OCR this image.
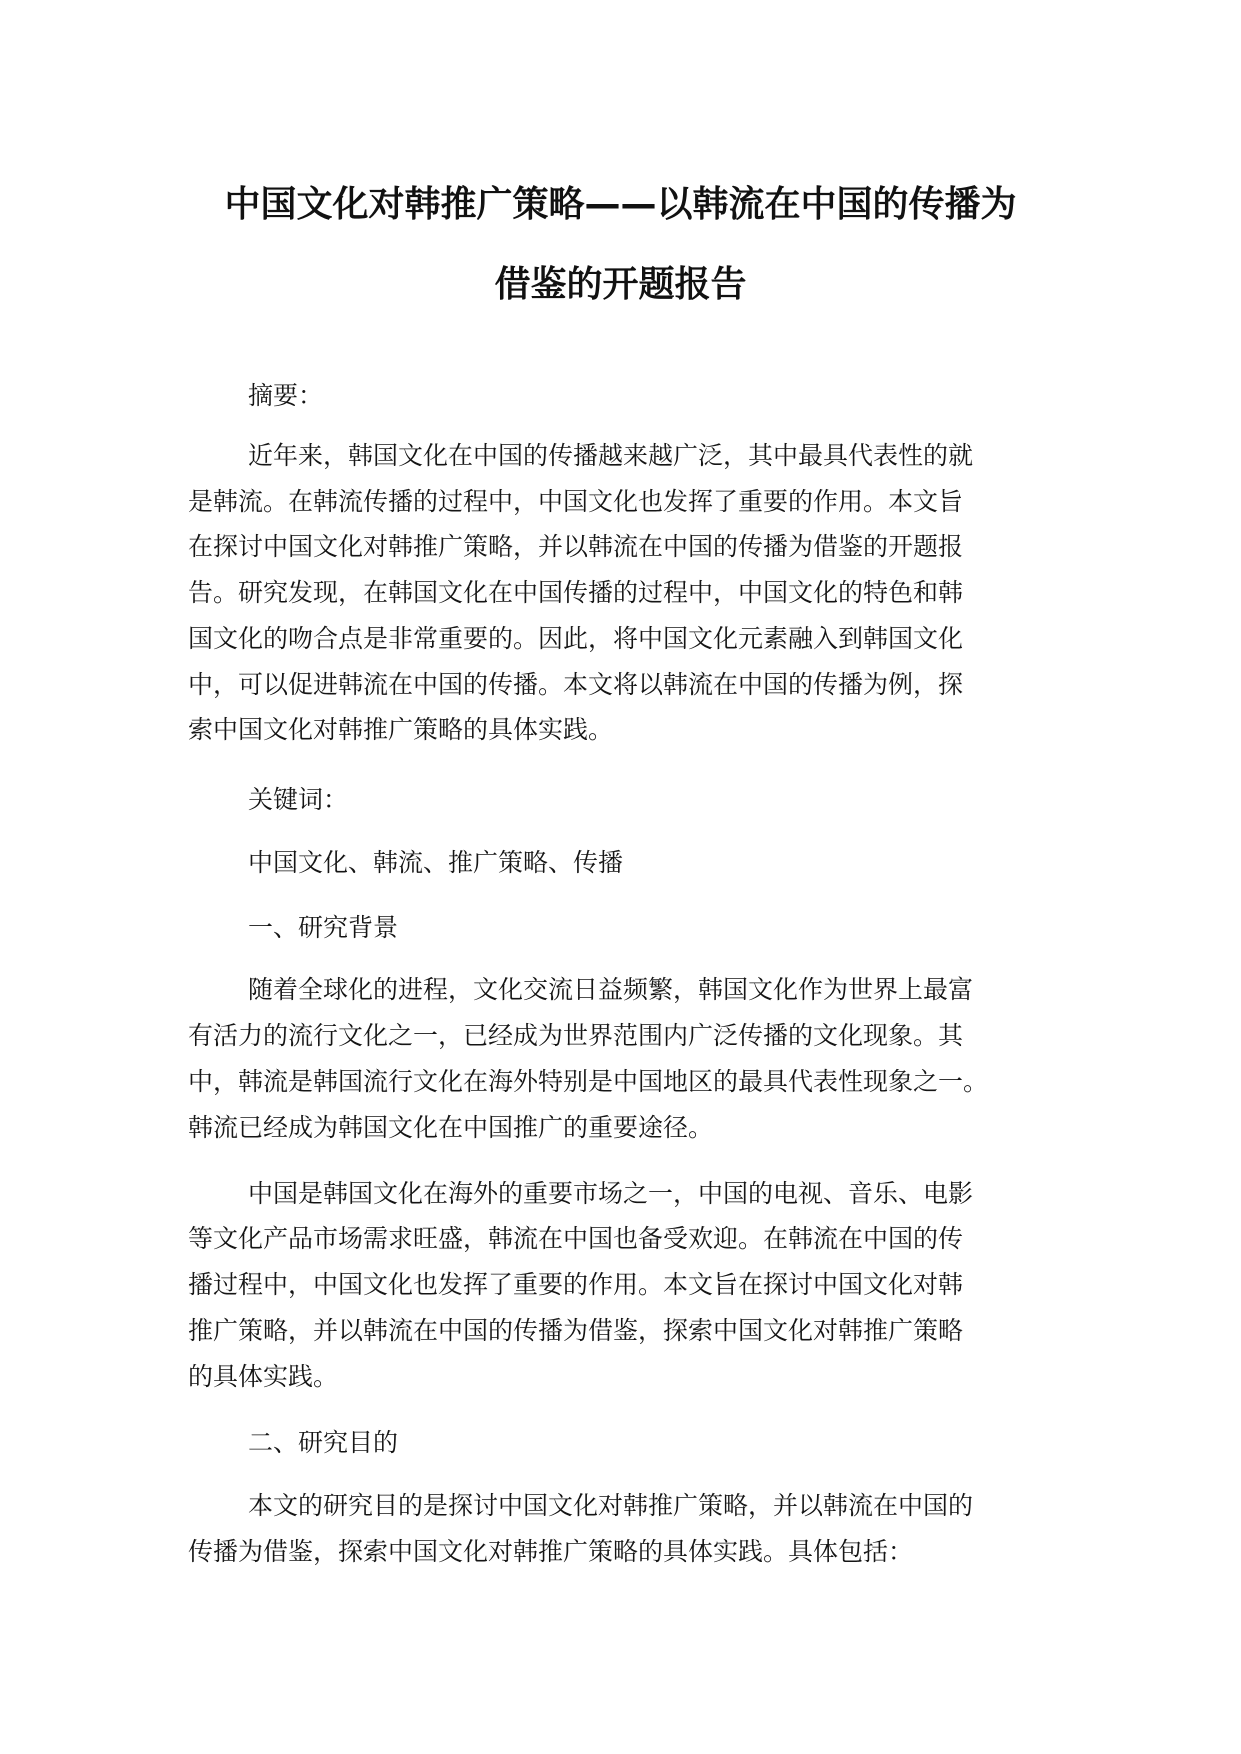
中国文化对韩推广策略——以韩流在中国的传播为
借鉴的开题报告
摘要：
近年来，韩国文化在中国的传播越来越广泛，其中最具代表性的就
是韩流。在韩流传播的过程中，中国文化也发挥了重要的作用。本文旨
在探讨中国文化对韩推广策略，并以韩流在中国的传播为借鉴的开题报
告。研究发现，在韩国文化在中国传播的过程中，中国文化的特色和韩
国文化的吻合点是非常重要的。因此，将中国文化元素融入到韩国文化
中，可以促进韩流在中国的传播。本文将以韩流在中国的传播为例，探
索中国文化对韩推广策略的具体实践。
关键词：
中国文化、韩流、推广策略、传播
一、研究背景
随着全球化的进程，文化交流日益频繁，韩国文化作为世界上最富
有活力的流行文化之一，已经成为世界范围内广泛传播的文化现象。其
中，韩流是韩国流行文化在海外特别是中国地区的最具代表性现象之一。
韩流已经成为韩国文化在中国推广的重要途径。
中国是韩国文化在海外的重要市场之一，中国的电视、音乐、电影
等文化产品市场需求旺盛，韩流在中国也备受欢迎。在韩流在中国的传
播过程中，中国文化也发挥了重要的作用。本文旨在探讨中国文化对韩
推广策略，并以韩流在中国的传播为借鉴，探索中国文化对韩推广策略
的具体实践。
二、研究目的
本文的研究目的是探讨中国文化对韩推广策略，并以韩流在中国的
传播为借鉴，探索中国文化对韩推广策略的具体实践。具体包括：
